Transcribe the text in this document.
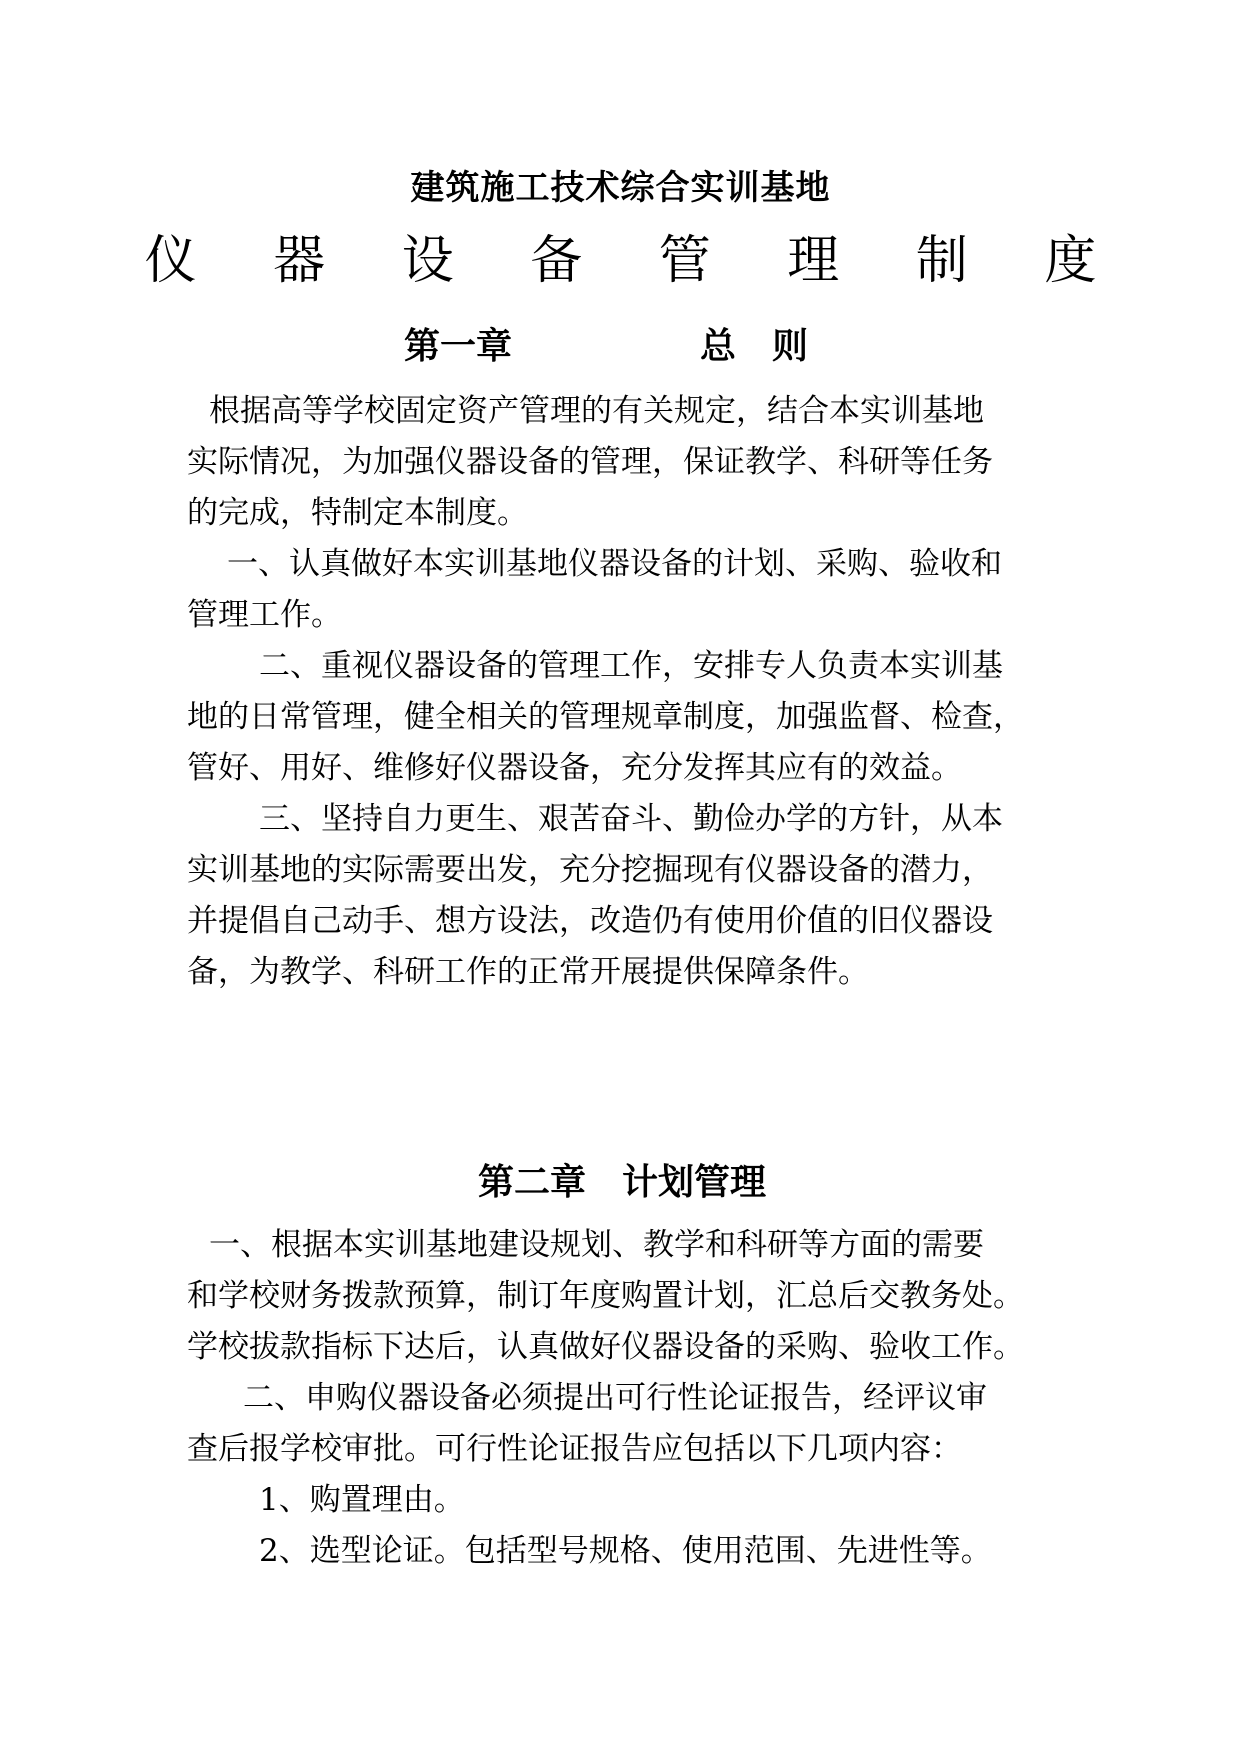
建筑施工技术综合实训基地
仪 器 设 备 管 理 制 度
第一章	总　则

根据高等学校固定资产管理的有关规定，结合本实训基地

实际情况，为加强仪器设备的管理，保证教学、科研等任务

的完成，特制定本制度。

一、认真做好本实训基地仪器设备的计划、采购、验收和

管理工作。

二、重视仪器设备的管理工作，安排专人负责本实训基

地的日常管理，健全相关的管理规章制度，加强监督、检查，

管好、用好、维修好仪器设备，充分发挥其应有的效益。

三、坚持自力更生、艰苦奋斗、勤俭办学的方针，从本

实训基地的实际需要出发，充分挖掘现有仪器设备的潜力，

并提倡自己动手、想方设法，改造仍有使用价值的旧仪器设

备，为教学、科研工作的正常开展提供保障条件。

第二章　计划管理

一、根据本实训基地建设规划、教学和科研等方面的需要

和学校财务拨款预算，制订年度购置计划，汇总后交教务处。

学校拔款指标下达后，认真做好仪器设备的采购、验收工作。

二、申购仪器设备必须提出可行性论证报告，经评议审

查后报学校审批。可行性论证报告应包括以下几项内容：

1、购置理由。

2、选型论证。包括型号规格、使用范围、先进性等。
